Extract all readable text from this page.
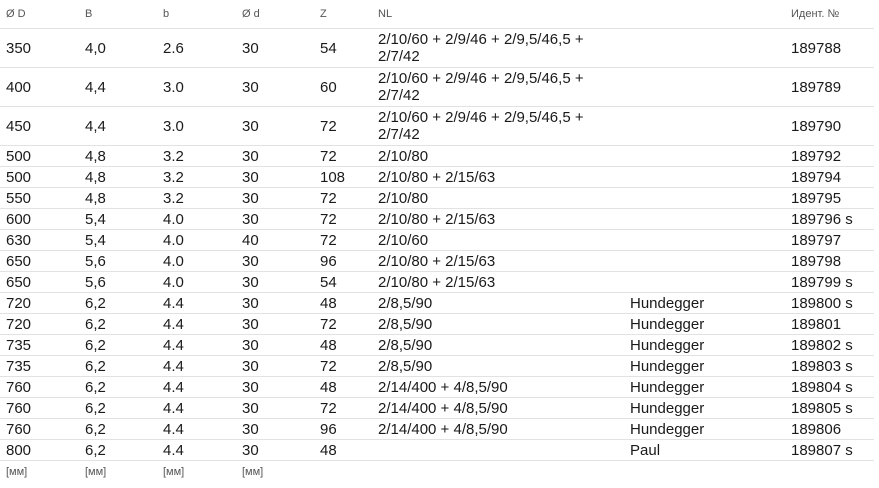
Ø D	B	b	Ø d	Z	NL		Идент. №
350	4,0	2.6	30	54	2/10/60 + 2/9/46 + 2/9,5/46,5 + 2/7/42		189788
400	4,4	3.0	30	60	2/10/60 + 2/9/46 + 2/9,5/46,5 + 2/7/42		189789
450	4,4	3.0	30	72	2/10/60 + 2/9/46 + 2/9,5/46,5 + 2/7/42		189790
500	4,8	3.2	30	72	2/10/80		189792
500	4,8	3.2	30	108	2/10/80 + 2/15/63		189794
550	4,8	3.2	30	72	2/10/80		189795
600	5,4	4.0	30	72	2/10/80 + 2/15/63		189796 s
630	5,4	4.0	40	72	2/10/60		189797
650	5,6	4.0	30	96	2/10/80 + 2/15/63		189798
650	5,6	4.0	30	54	2/10/80 + 2/15/63		189799 s
720	6,2	4.4	30	48	2/8,5/90	Hundegger	189800 s
720	6,2	4.4	30	72	2/8,5/90	Hundegger	189801
735	6,2	4.4	30	48	2/8,5/90	Hundegger	189802 s
735	6,2	4.4	30	72	2/8,5/90	Hundegger	189803 s
760	6,2	4.4	30	48	2/14/400 + 4/8,5/90	Hundegger	189804 s
760	6,2	4.4	30	72	2/14/400 + 4/8,5/90	Hundegger	189805 s
760	6,2	4.4	30	96	2/14/400 + 4/8,5/90	Hundegger	189806
800	6,2	4.4	30	48		Paul	189807 s
[мм]	[мм]	[мм]	[мм]				
